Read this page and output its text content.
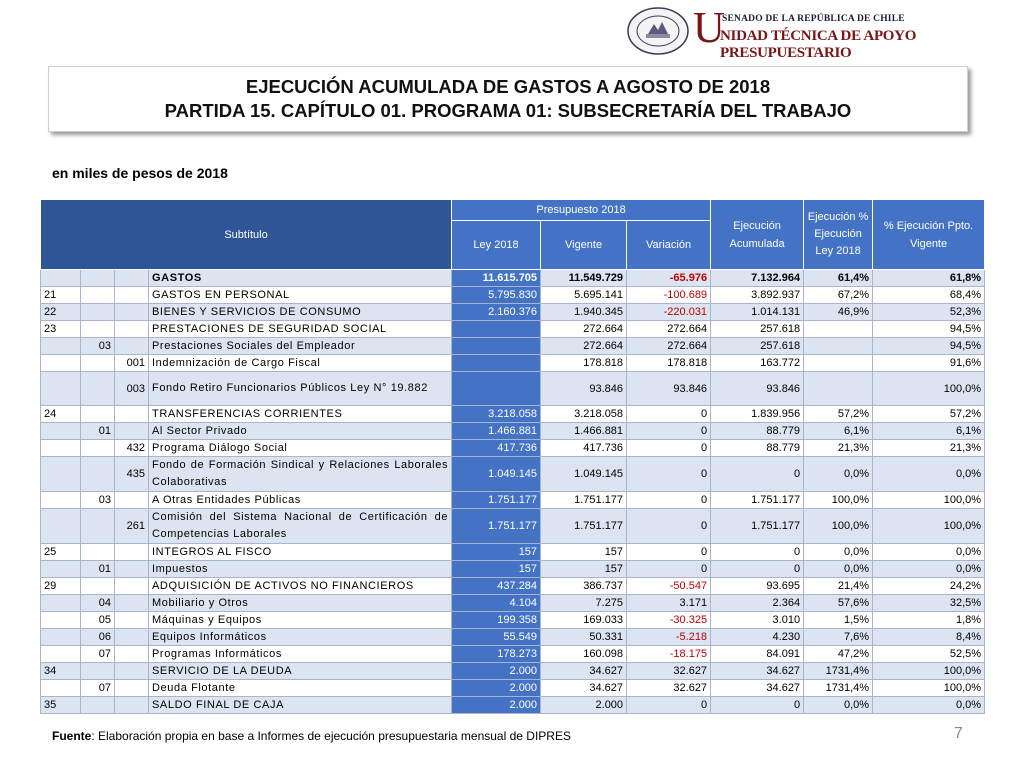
U
SENADO DE LA REPÚBLICA DE CHILE
NIDAD TÉCNICA DE APOYO PRESUPUESTARIO
EJECUCIÓN ACUMULADA DE GASTOS A AGOSTO DE 2018
PARTIDA 15. CAPÍTULO 01. PROGRAMA 01: SUBSECRETARÍA DEL TRABAJO
en miles de pesos de 2018
Subtítulo				Presupuesto 2018			Ejecución Acumulada	Ejecución % Ejecución Ley 2018	% Ejecución Ppto. Vigente
				Ley 2018	Vigente	Variación			
			GASTOS	11.615.705	11.549.729	-65.976	7.132.964	61,4%	61,8%
21			GASTOS EN PERSONAL	5.795.830	5.695.141	-100.689	3.892.937	67,2%	68,4%
22			BIENES Y SERVICIOS DE CONSUMO	2.160.376	1.940.345	-220.031	1.014.131	46,9%	52,3%
23			PRESTACIONES DE SEGURIDAD SOCIAL		272.664	272.664	257.618		94,5%
	03		Prestaciones Sociales del Empleador		272.664	272.664	257.618		94,5%
		001	Indemnización de Cargo Fiscal		178.818	178.818	163.772		91,6%
		003	Fondo Retiro Funcionarios Públicos Ley N° 19.882		93.846	93.846	93.846		100,0%
24			TRANSFERENCIAS CORRIENTES	3.218.058	3.218.058	0	1.839.956	57,2%	57,2%
	01		Al Sector Privado	1.466.881	1.466.881	0	88.779	6,1%	6,1%
		432	Programa Diálogo Social	417.736	417.736	0	88.779	21,3%	21,3%
		435	Fondo de Formación Sindical y Relaciones Laborales Colaborativas	1.049.145	1.049.145	0	0	0,0%	0,0%
	03		A Otras Entidades Públicas	1.751.177	1.751.177	0	1.751.177	100,0%	100,0%
		261	Comisión del Sistema Nacional de Certificación de Competencias Laborales	1.751.177	1.751.177	0	1.751.177	100,0%	100,0%
25			INTEGROS AL FISCO	157	157	0	0	0,0%	0,0%
	01		Impuestos	157	157	0	0	0,0%	0,0%
29			ADQUISICIÓN DE ACTIVOS NO FINANCIEROS	437.284	386.737	-50.547	93.695	21,4%	24,2%
	04		Mobiliario y Otros	4.104	7.275	3.171	2.364	57,6%	32,5%
	05		Máquinas y Equipos	199.358	169.033	-30.325	3.010	1,5%	1,8%
	06		Equipos Informáticos	55.549	50.331	-5.218	4.230	7,6%	8,4%
	07		Programas Informáticos	178.273	160.098	-18.175	84.091	47,2%	52,5%
34			SERVICIO DE LA DEUDA	2.000	34.627	32.627	34.627	1731,4%	100,0%
	07		Deuda Flotante	2.000	34.627	32.627	34.627	1731,4%	100,0%
35			SALDO FINAL DE CAJA	2.000	2.000	0	0	0,0%	0,0%
Fuente: Elaboración propia en base a Informes de ejecución presupuestaria mensual de DIPRES	7
